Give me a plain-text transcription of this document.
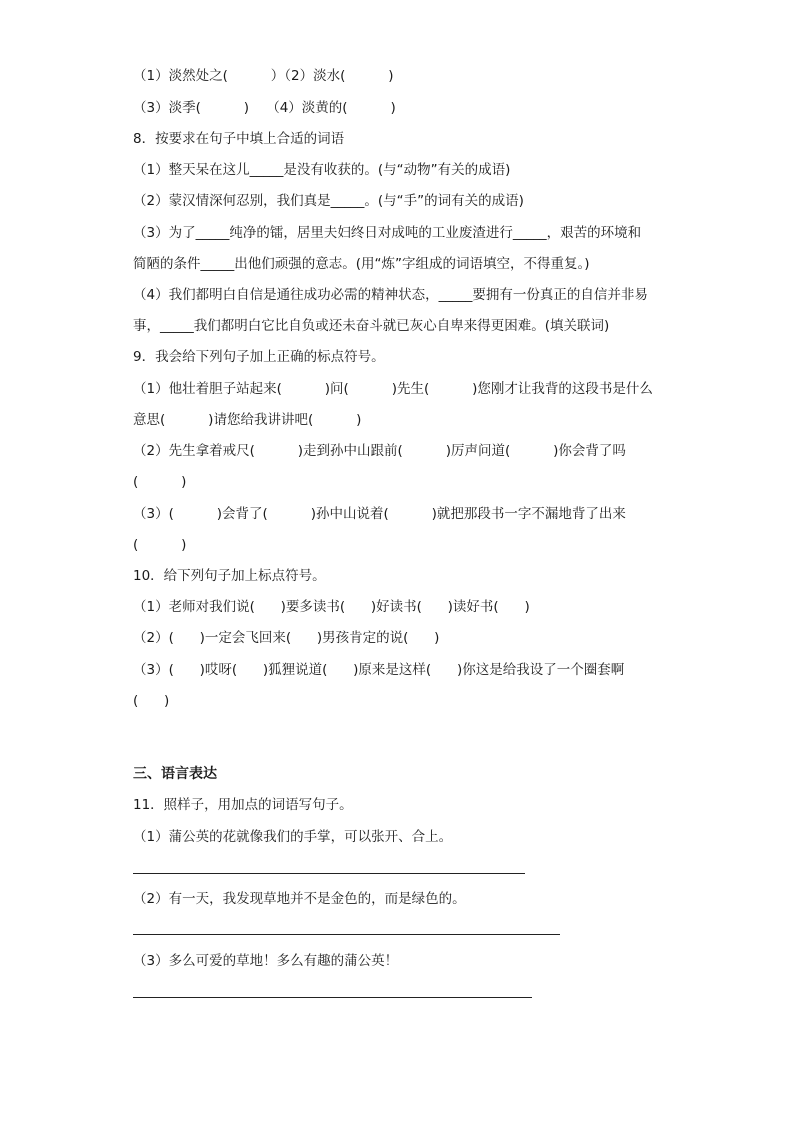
（1）淡然处之(          ）（2）淡水(          )
（3）淡季(          )    （4）淡黄的(          )
8．按要求在句子中填上合适的词语
（1）整天呆在这儿_____是没有收获的。(与“动物”有关的成语)
（2）蒙汉情深何忍别，我们真是_____。(与“手”的词有关的成语)
（3）为了_____纯净的镭，居里夫妇终日对成吨的工业废渣进行_____，艰苦的环境和
简陋的条件_____出他们顽强的意志。(用“炼”字组成的词语填空，不得重复。)
（4）我们都明白自信是通往成功必需的精神状态，_____要拥有一份真正的自信并非易
事，_____我们都明白它比自负或还未奋斗就已灰心自卑来得更困难。(填关联词)
9．我会给下列句子加上正确的标点符号。
（1）他壮着胆子站起来(          )问(          )先生(          )您刚才让我背的这段书是什么
意思(          )请您给我讲讲吧(          )
（2）先生拿着戒尺(          )走到孙中山跟前(          )厉声问道(          )你会背了吗
(          )
（3）(          )会背了(          )孙中山说着(          )就把那段书一字不漏地背了出来
(          )
10．给下列句子加上标点符号。
（1）老师对我们说(      )要多读书(      )好读书(      )读好书(      )
（2）(      )一定会飞回来(      )男孩肯定的说(      )
（3）(      )哎呀(      )狐狸说道(      )原来是这样(      )你这是给我设了一个圈套啊
(      )
三、语言表达
11．照样子，用加点的词语写句子。
（1）蒲公英的花就像我们的手掌，可以张开、合上。
（2）有一天，我发现草地并不是金色的，而是绿色的。
（3）多么可爱的草地！多么有趣的蒲公英！
